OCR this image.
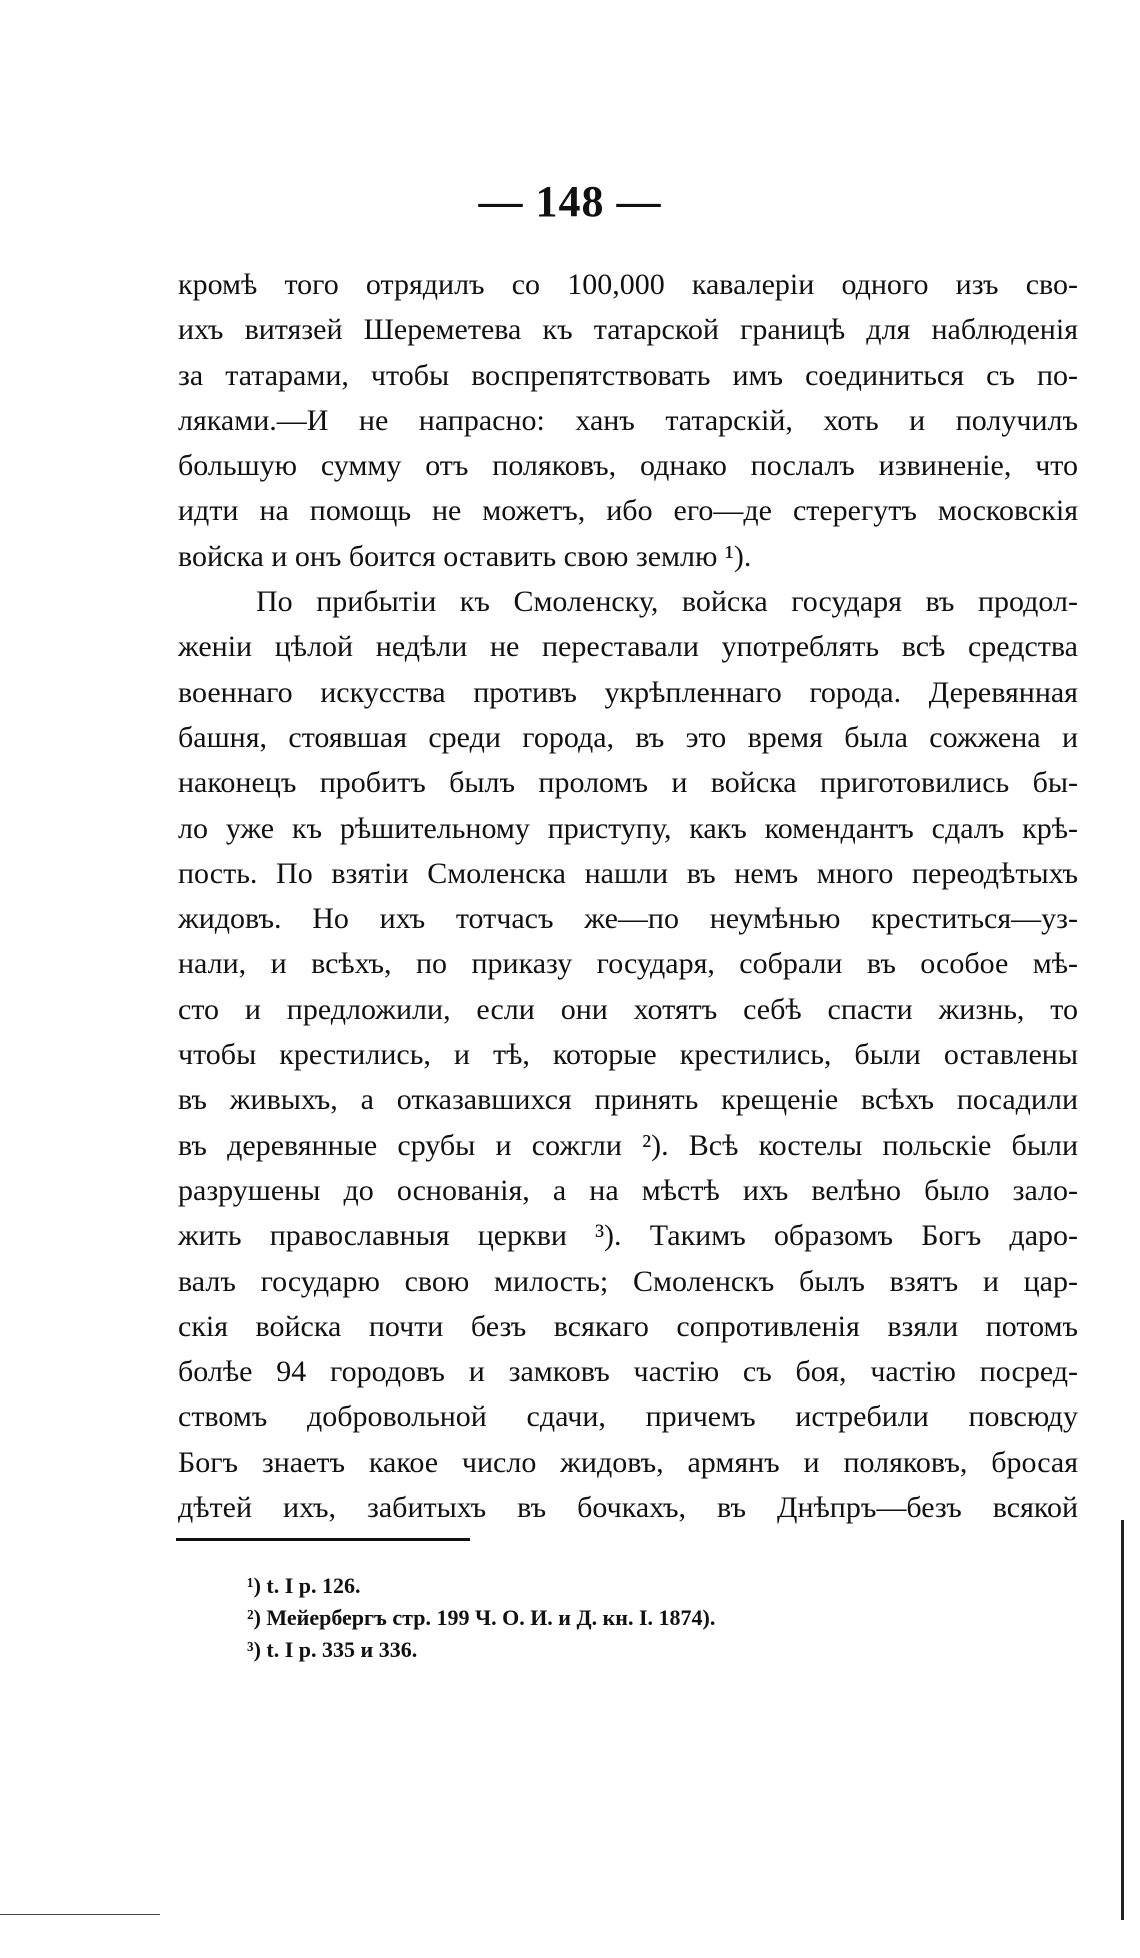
— 148 —
кромѣ того отрядилъ со 100,000 кавалеріи одного изъ сво-
ихъ витязей Шереметева къ татарской границѣ для наблюденія
за татарами, чтобы воспрепятствовать имъ соединиться съ по-
ляками.—И не напрасно: ханъ татарскій, хоть и получилъ
большую сумму отъ поляковъ, однако послалъ извиненіе, что
идти на помощь не можетъ, ибо его—де стерегутъ московскія
войска и онъ боится оставить свою землю ¹).
По прибытіи къ Смоленску, войска государя въ продол-
женіи цѣлой недѣли не переставали употреблять всѣ средства
военнаго искусства противъ укрѣпленнаго города. Деревянная
башня, стоявшая среди города, въ это время была сожжена и
наконецъ пробитъ былъ проломъ и войска приготовились бы-
ло уже къ рѣшительному приступу, какъ комендантъ сдалъ крѣ-
пость. По взятіи Смоленска нашли въ немъ много переодѣтыхъ
жидовъ. Но ихъ тотчасъ же—по неумѣнью креститься—уз-
нали, и всѣхъ, по приказу государя, собрали въ особое мѣ-
сто и предложили, если они хотятъ себѣ спасти жизнь, то
чтобы крестились, и тѣ, которые крестились, были оставлены
въ живыхъ, а отказавшихся принять крещеніе всѣхъ посадили
въ деревянные срубы и сожгли ²). Всѣ костелы польскіе были
разрушены до основанія, а на мѣстѣ ихъ велѣно было зало-
жить православныя церкви ³). Такимъ образомъ Богъ даро-
валъ государю свою милость; Смоленскъ былъ взятъ и цар-
скія войска почти безъ всякаго сопротивленія взяли потомъ
болѣе 94 городовъ и замковъ частію съ боя, частію посред-
ствомъ добровольной сдачи, причемъ истребили повсюду
Богъ знаетъ какое число жидовъ, армянъ и поляковъ, бросая
дѣтей ихъ, забитыхъ въ бочкахъ, въ Днѣпръ—безъ всякой
¹) t. I p. 126.
²) Мейербергъ стр. 199 Ч. О. И. и Д. кн. I. 1874).
³) t. I p. 335 и 336.
